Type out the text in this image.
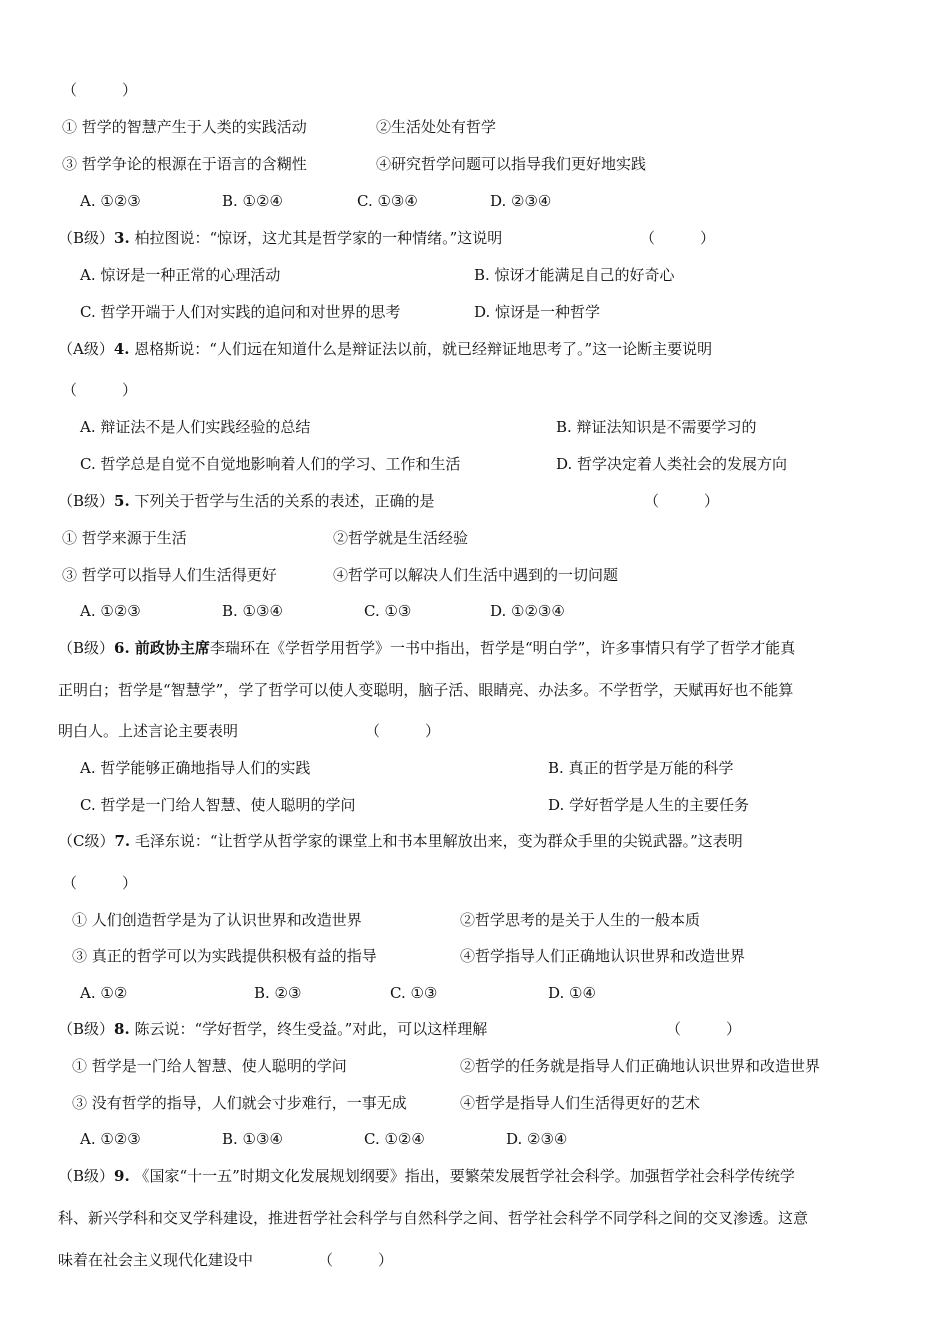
（　　　）
① 哲学的智慧产生于人类的实践活动	②生活处处有哲学
③ 哲学争论的根源在于语言的含糊性	④研究哲学问题可以指导我们更好地实践
A. ①②③	B. ①②④	C. ①③④	D. ②③④
（B级）3. 柏拉图说：“惊讶，这尤其是哲学家的一种情绪。”这说明	（　　　）
A. 惊讶是一种正常的心理活动	B. 惊讶才能满足自己的好奇心
C. 哲学开端于人们对实践的追问和对世界的思考	D. 惊讶是一种哲学
（A级）4. 恩格斯说：“人们远在知道什么是辩证法以前，就已经辩证地思考了。”这一论断主要说明
（　　　）
A. 辩证法不是人们实践经验的总结	B. 辩证法知识是不需要学习的
C. 哲学总是自觉不自觉地影响着人们的学习、工作和生活	D. 哲学决定着人类社会的发展方向
（B级）5. 下列关于哲学与生活的关系的表述，正确的是	（　　　）
① 哲学来源于生活	②哲学就是生活经验
③ 哲学可以指导人们生活得更好	④哲学可以解决人们生活中遇到的一切问题
A. ①②③	B. ①③④	C. ①③	D. ①②③④
（B级）6. 前政协主席李瑞环在《学哲学用哲学》一书中指出，哲学是“明白学”，许多事情只有学了哲学才能真
正明白；哲学是“智慧学”，学了哲学可以使人变聪明，脑子活、眼睛亮、办法多。不学哲学，天赋再好也不能算
明白人。上述言论主要表明	（　　　）
A. 哲学能够正确地指导人们的实践	B. 真正的哲学是万能的科学
C. 哲学是一门给人智慧、使人聪明的学问	D. 学好哲学是人生的主要任务
（C级）7. 毛泽东说：“让哲学从哲学家的课堂上和书本里解放出来，变为群众手里的尖锐武器。”这表明
（　　　）
① 人们创造哲学是为了认识世界和改造世界	②哲学思考的是关于人生的一般本质
③ 真正的哲学可以为实践提供积极有益的指导	④哲学指导人们正确地认识世界和改造世界
A. ①②	B. ②③	C. ①③	D. ①④
（B级）8. 陈云说：“学好哲学，终生受益。”对此，可以这样理解	（　　　）
① 哲学是一门给人智慧、使人聪明的学问	②哲学的任务就是指导人们正确地认识世界和改造世界
③ 没有哲学的指导，人们就会寸步难行，一事无成	④哲学是指导人们生活得更好的艺术
A. ①②③	B. ①③④	C. ①②④	D. ②③④
（B级）9. 《国家“十一五”时期文化发展规划纲要》指出，要繁荣发展哲学社会科学。加强哲学社会科学传统学
科、新兴学科和交叉学科建设，推进哲学社会科学与自然科学之间、哲学社会科学不同学科之间的交叉渗透。这意
味着在社会主义现代化建设中	（　　　）
